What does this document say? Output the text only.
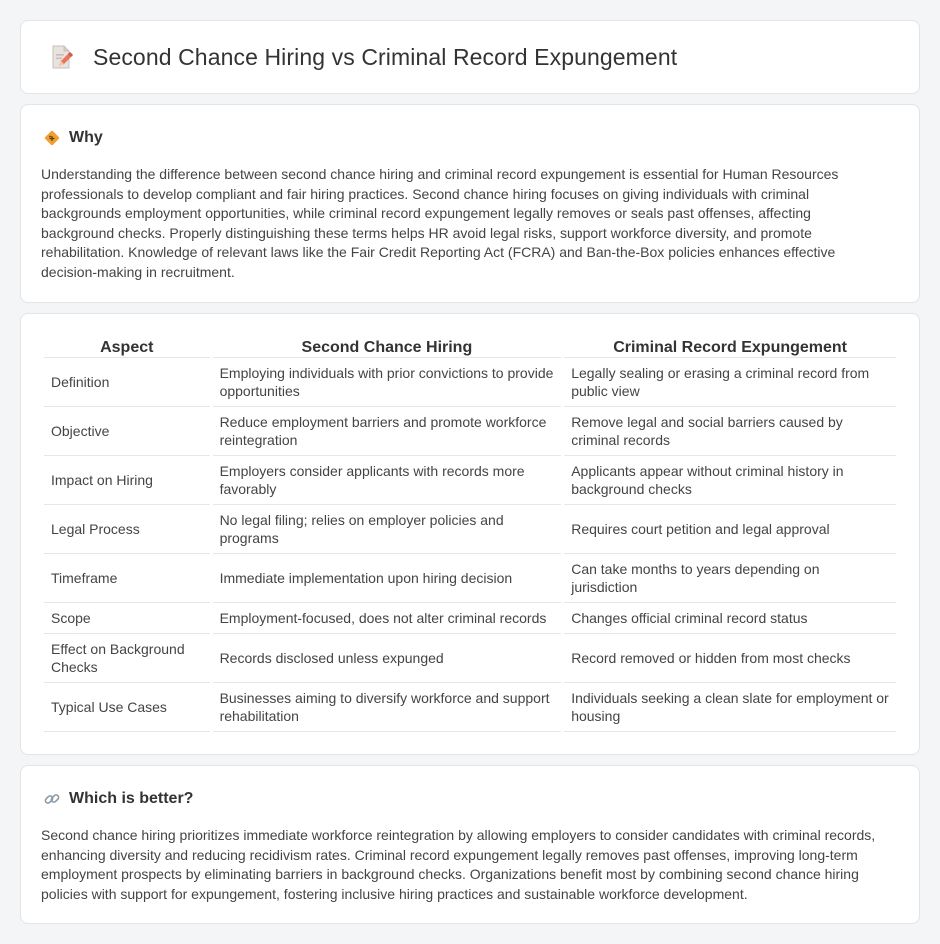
Second Chance Hiring vs Criminal Record Expungement
Why

Understanding the difference between second chance hiring and criminal record expungement is essential for Human Resources professionals to develop compliant and fair hiring practices. Second chance hiring focuses on giving individuals with criminal backgrounds employment opportunities, while criminal record expungement legally removes or seals past offenses, affecting background checks. Properly distinguishing these terms helps HR avoid legal risks, support workforce diversity, and promote rehabilitation. Knowledge of relevant laws like the Fair Credit Reporting Act (FCRA) and Ban-the-Box policies enhances effective decision-making in recruitment.

Aspect	Second Chance Hiring	Criminal Record Expungement
Definition	Employing individuals with prior convictions to provide opportunities	Legally sealing or erasing a criminal record from public view
Objective	Reduce employment barriers and promote workforce reintegration	Remove legal and social barriers caused by criminal records
Impact on Hiring	Employers consider applicants with records more favorably	Applicants appear without criminal history in background checks
Legal Process	No legal filing; relies on employer policies and programs	Requires court petition and legal approval
Timeframe	Immediate implementation upon hiring decision	Can take months to years depending on jurisdiction
Scope	Employment-focused, does not alter criminal records	Changes official criminal record status
Effect on Background Checks	Records disclosed unless expunged	Record removed or hidden from most checks
Typical Use Cases	Businesses aiming to diversify workforce and support rehabilitation	Individuals seeking a clean slate for employment or housing
Which is better?

Second chance hiring prioritizes immediate workforce reintegration by allowing employers to consider candidates with criminal records, enhancing diversity and reducing recidivism rates. Criminal record expungement legally removes past offenses, improving long-term employment prospects by eliminating barriers in background checks. Organizations benefit most by combining second chance hiring policies with support for expungement, fostering inclusive hiring practices and sustainable workforce development.
